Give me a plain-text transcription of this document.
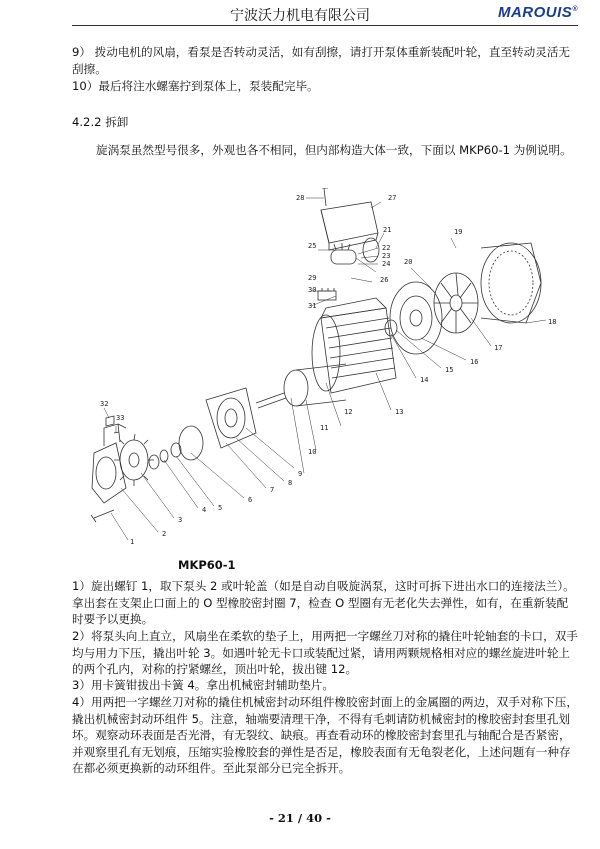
宁波沃力机电有限公司	MAROUIS®

9） 拨动电机的风扇，看泵是否转动灵活，如有刮擦，请打开泵体重新装配叶轮，直至转动灵活无刮擦。

10）最后将注水螺塞拧到泵体上，泵装配完毕。

4.2.2 拆卸

旋涡泵虽然型号很多，外观也各不相同，但内部构造大体一致，下面以 MKP60-1 为例说明。

1
2
3
4 5
6
7
8
9
10
11
12	13
14
15
16
17
18
19
20
21
22
23
24
25
26
27
28
29
30
31
32
33
MKP60-1

1）旋出螺钉 1，取下泵头 2 或叶轮盖（如是自动自吸旋涡泵，这时可拆下进出水口的连接法兰）。拿出套在支架止口面上的 O 型橡胶密封圈 7，检查 O 型圈有无老化失去弹性，如有，在重新装配时要予以更换。

2）将泵头向上直立，风扇坐在柔软的垫子上，用两把一字螺丝刀对称的撬住叶轮轴套的卡口，双手均与用力下压，撬出叶轮 3。如遇叶轮无卡口或装配过紧，请用两颗规格相对应的螺丝旋进叶轮上的两个孔内，对称的拧紧螺丝，顶出叶轮，拔出键 12。

3）用卡簧钳拔出卡簧 4。拿出机械密封辅助垫片。

4）用两把一字螺丝刀对称的撬住机械密封动环组件橡胶密封面上的金属圈的两边，双手对称下压，撬出机械密封动环组件 5。注意，轴端要清理干净，不得有毛刺请防机械密封的橡胶密封套里孔划坏。观察动环表面是否光滑，有无裂纹、缺痕。再查看动环的橡胶密封套里孔与轴配合是否紧密，并观察里孔有无划痕，压缩实验橡胶套的弹性是否足，橡胶表面有无龟裂老化，上述问题有一种存在都必须更换新的动环组件。至此泵部分已完全拆开。

- 21 / 40 -
